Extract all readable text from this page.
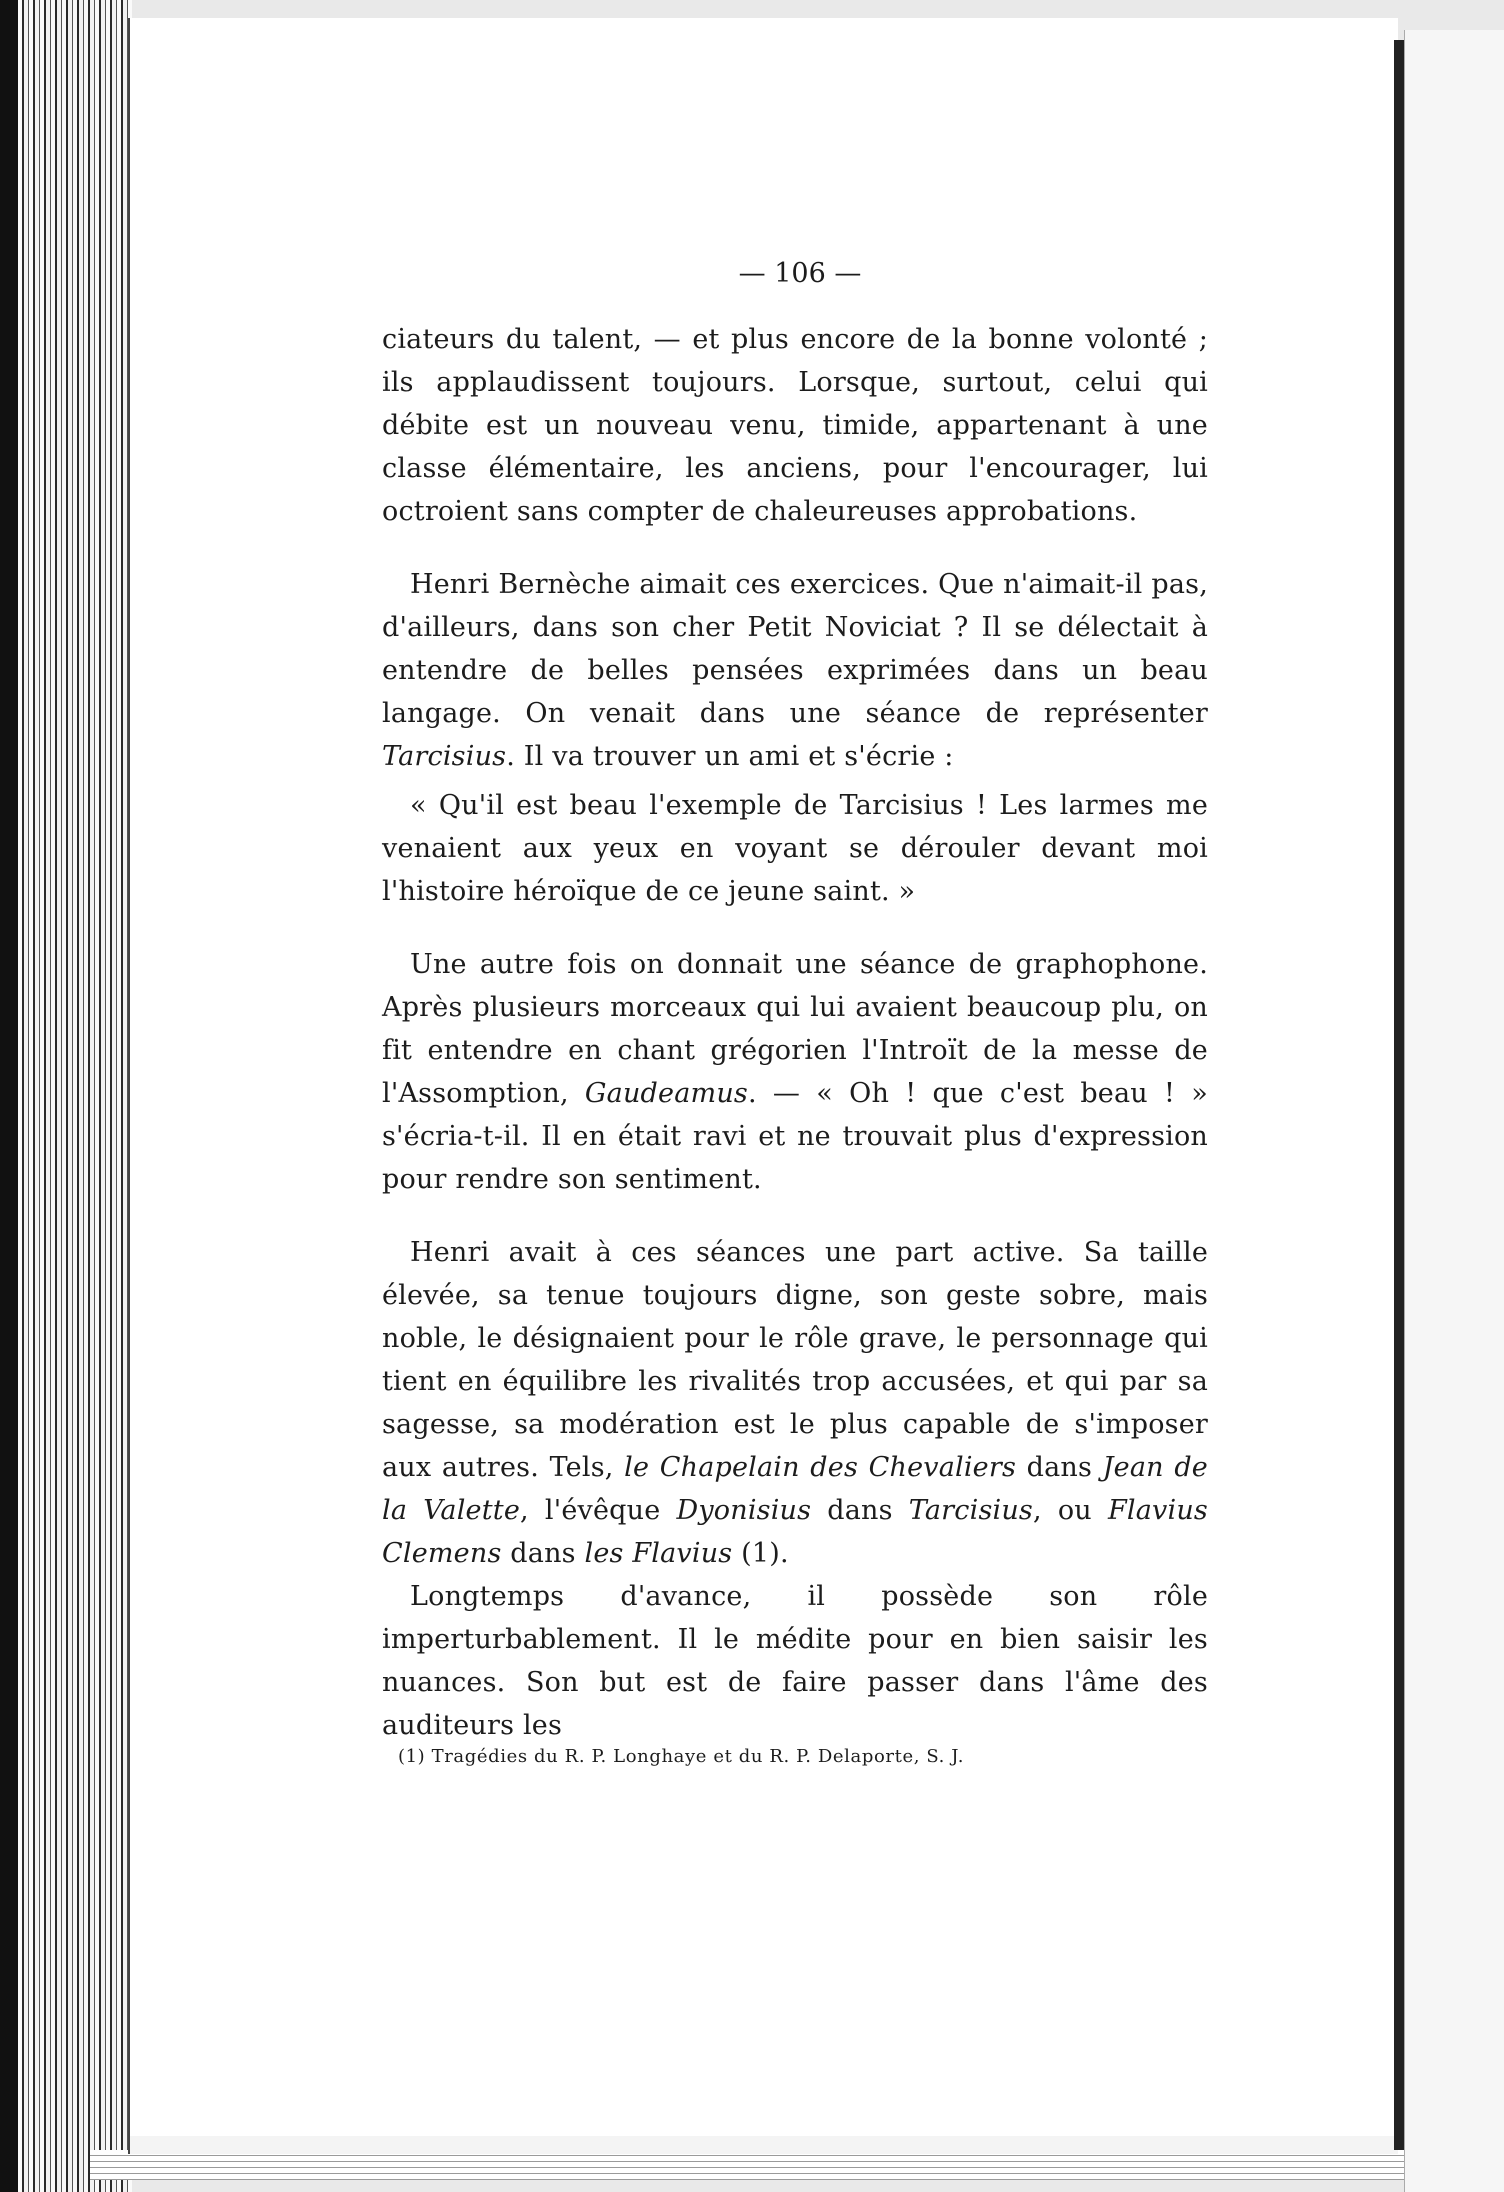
— 106 —

ciateurs du talent, — et plus encore de la bonne volonté ; ils applaudissent toujours. Lorsque, surtout, celui qui débite est un nouveau venu, timide, appartenant à une classe élémentaire, les anciens, pour l'encourager, lui octroient sans compter de chaleureuses approbations.

Henri Bernèche aimait ces exercices. Que n'aimait-il pas, d'ailleurs, dans son cher Petit Noviciat ? Il se délectait à entendre de belles pensées exprimées dans un beau langage. On venait dans une séance de représenter Tarcisius. Il va trouver un ami et s'écrie :

« Qu'il est beau l'exemple de Tarcisius ! Les larmes me venaient aux yeux en voyant se dérouler devant moi l'histoire héroïque de ce jeune saint. »

Une autre fois on donnait une séance de graphophone. Après plusieurs morceaux qui lui avaient beaucoup plu, on fit entendre en chant grégorien l'Introït de la messe de l'Assomption, Gaudeamus. — « Oh ! que c'est beau ! » s'écria-t-il. Il en était ravi et ne trouvait plus d'expression pour rendre son sentiment.

Henri avait à ces séances une part active. Sa taille élevée, sa tenue toujours digne, son geste sobre, mais noble, le désignaient pour le rôle grave, le personnage qui tient en équilibre les rivalités trop accusées, et qui par sa sagesse, sa modération est le plus capable de s'imposer aux autres. Tels, le Chapelain des Chevaliers dans Jean de la Valette, l'évêque Dyonisius dans Tarcisius, ou Flavius Clemens dans les Flavius (1).

Longtemps d'avance, il possède son rôle imperturbablement. Il le médite pour en bien saisir les nuances. Son but est de faire passer dans l'âme des auditeurs les

(1) Tragédies du R. P. Longhaye et du R. P. Delaporte, S. J.
